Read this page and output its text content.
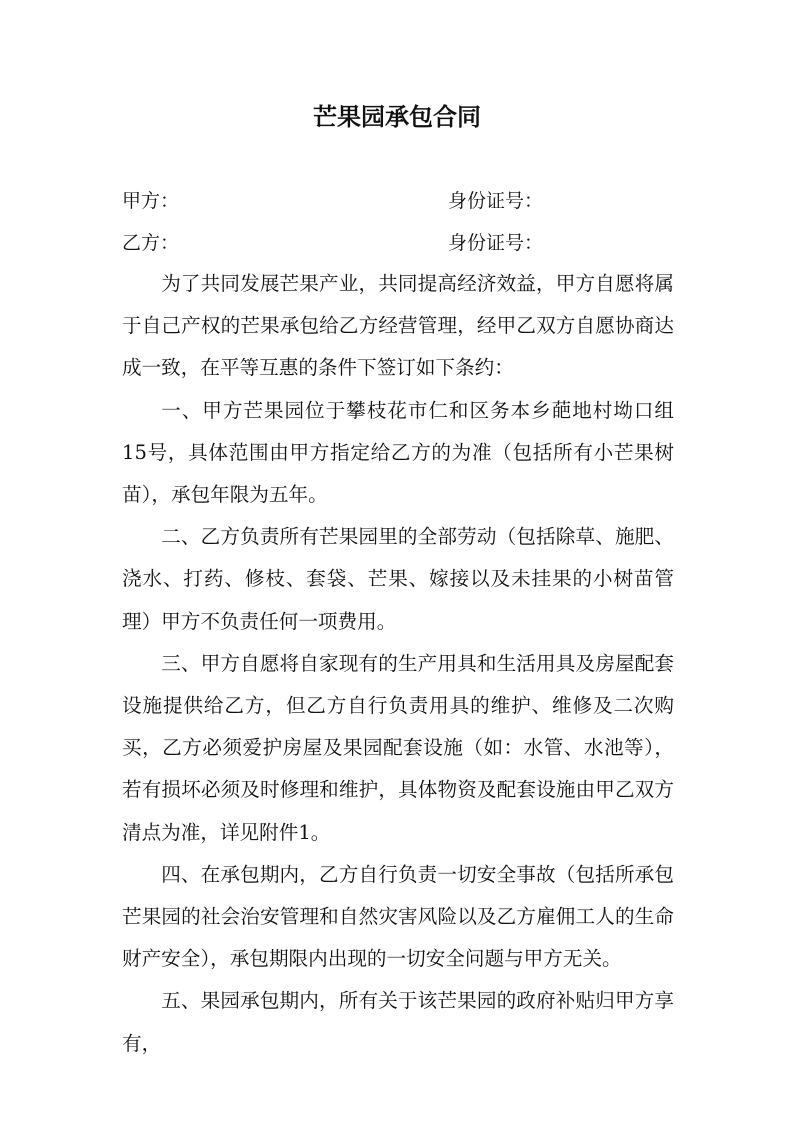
芒果园承包合同
甲方：	身份证号：
乙方：	身份证号：

为了共同发展芒果产业，共同提高经济效益，甲方自愿将属于自己产权的芒果承包给乙方经营管理，经甲乙双方自愿协商达成一致，在平等互惠的条件下签订如下条约：

一、甲方芒果园位于攀枝花市仁和区务本乡葩地村坳口组15号，具体范围由甲方指定给乙方的为准（包括所有小芒果树苗），承包年限为五年。

二、乙方负责所有芒果园里的全部劳动（包括除草、施肥、浇水、打药、修枝、套袋、芒果、嫁接以及未挂果的小树苗管理）甲方不负责任何一项费用。

三、甲方自愿将自家现有的生产用具和生活用具及房屋配套设施提供给乙方，但乙方自行负责用具的维护、维修及二次购买，乙方必须爱护房屋及果园配套设施（如：水管、水池等），若有损坏必须及时修理和维护，具体物资及配套设施由甲乙双方清点为准，详见附件1。

四、在承包期内，乙方自行负责一切安全事故（包括所承包芒果园的社会治安管理和自然灾害风险以及乙方雇佣工人的生命财产安全），承包期限内出现的一切安全问题与甲方无关。

五、果园承包期内，所有关于该芒果园的政府补贴归甲方享有，
